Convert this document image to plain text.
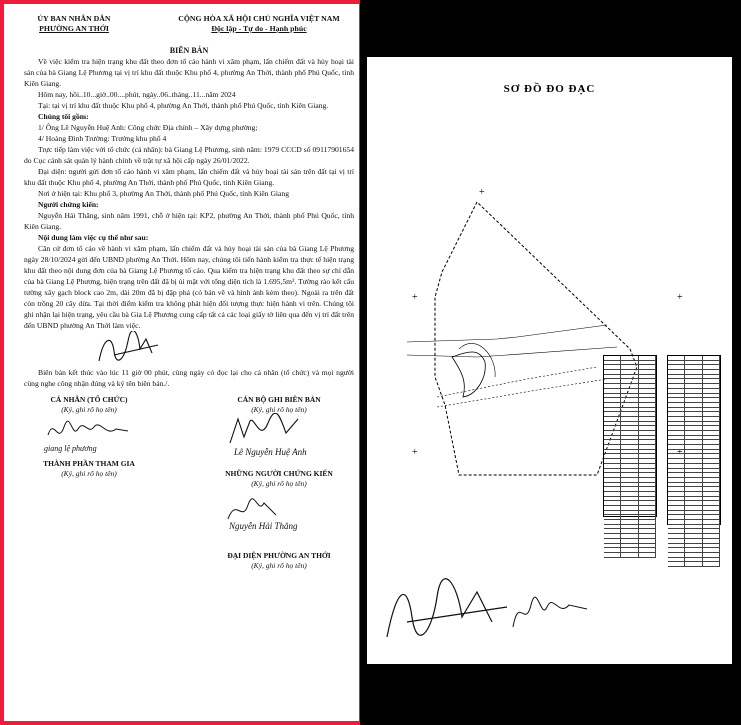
ỦY BAN NHÂN DÂN
PHƯỜNG AN THỚI
CỘNG HÒA XÃ HỘI CHỦ NGHĨA VIỆT NAM
Độc lập - Tự do - Hạnh phúc
BIÊN BẢN

Về việc kiểm tra hiện trạng khu đất theo đơn tố cáo hành vi xâm phạm, lấn chiếm đất và hủy hoại tài sản của bà Giang Lệ Phương tại vị trí khu đất thuộc Khu phố 4, phường An Thới, thành phố Phú Quốc, tỉnh Kiên Giang.

Hôm nay, hồi..10...giờ..00....phút, ngày..06..tháng..11...năm 2024

Tại: tại vị trí khu đất thuộc Khu phố 4, phường An Thới, thành phố Phú Quốc, tỉnh Kiên Giang.

Chúng tôi gồm:

1/ Ông Lê Nguyễn Huệ Anh: Công chức Địa chính – Xây dựng phường;

4/ Hoàng Đình Trường: Trưởng khu phố 4

Trực tiếp làm việc với tổ chức (cá nhân): bà Giang Lệ Phương, sinh năm: 1979 CCCD số 09117901654 do Cục cảnh sát quản lý hành chính về trật tự xã hội cấp ngày 26/01/2022.

Đại diện: người gửi đơn tố cáo hành vi xâm phạm, lấn chiếm đất và hủy hoại tài sản trên đất tại vị trí khu đất thuộc Khu phố 4, phường An Thới, thành phố Phú Quốc, tỉnh Kiên Giang.

Nơi ở hiện tại: Khu phố 3, phường An Thới, thành phố Phú Quốc, tỉnh Kiên Giang

Người chứng kiến:

Nguyễn Hải Thăng, sinh năm 1991, chỗ ở hiện tại: KP2, phường An Thới, thành phố Phú Quốc, tỉnh Kiên Giang.

Nội dung làm việc cụ thể như sau:

Căn cứ đơn tố cáo về hành vi xâm phạm, lấn chiếm đất và hủy hoại tài sản của bà Giang Lệ Phương ngày 28/10/2024 gửi đến UBND phường An Thới. Hôm nay, chúng tôi tiến hành kiểm tra thực tế hiện trạng khu đất theo nội dung đơn của bà Giang Lệ Phương tố cáo. Qua kiểm tra hiện trạng khu đất theo sự chỉ dẫn của bà Giang Lệ Phương, hiện trạng trên đất đã bị ủi mặt với tổng diện tích là 1.695,5m². Tường rào kết cấu tường xây gạch block cao 2m, dài 20m đã bị đập phá (có bản vẽ và hình ảnh kèm theo). Ngoài ra trên đất còn trồng 20 cây dừa. Tại thời điểm kiểm tra không phát hiện đối tượng thực hiện hành vi trên. Chúng tôi ghi nhận lại hiện trạng, yêu cầu bà Gia Lệ Phương cung cấp tất cả các loại giấy tờ liên qua đến vị trí đất trên đến UBND phường An Thới làm việc.

Biên bản kết thúc vào lúc 11 giờ 00 phút, cùng ngày có đọc lại cho cá nhân (tổ chức) và mọi người cùng nghe công nhận đúng và ký tên biên bản./.

CÁ NHÂN (TỔ CHỨC)
(Ký, ghi rõ họ tên)
CÁN BỘ GHI BIÊN BẢN
(Ký, ghi rõ họ tên)
giang lệ phương	Lê Nguyễn Huệ Anh
THÀNH PHẦN THAM GIA
(Ký, ghi rõ họ tên)	NHỮNG NGƯỜI CHỨNG KIẾN
(Ký, ghi rõ họ tên)
Nguyễn Hải Thăng
ĐẠI DIỆN PHƯỜNG AN THỚI
(Ký, ghi rõ họ tên)
SƠ ĐỒ ĐO ĐẠC
+
+
+
+	+
